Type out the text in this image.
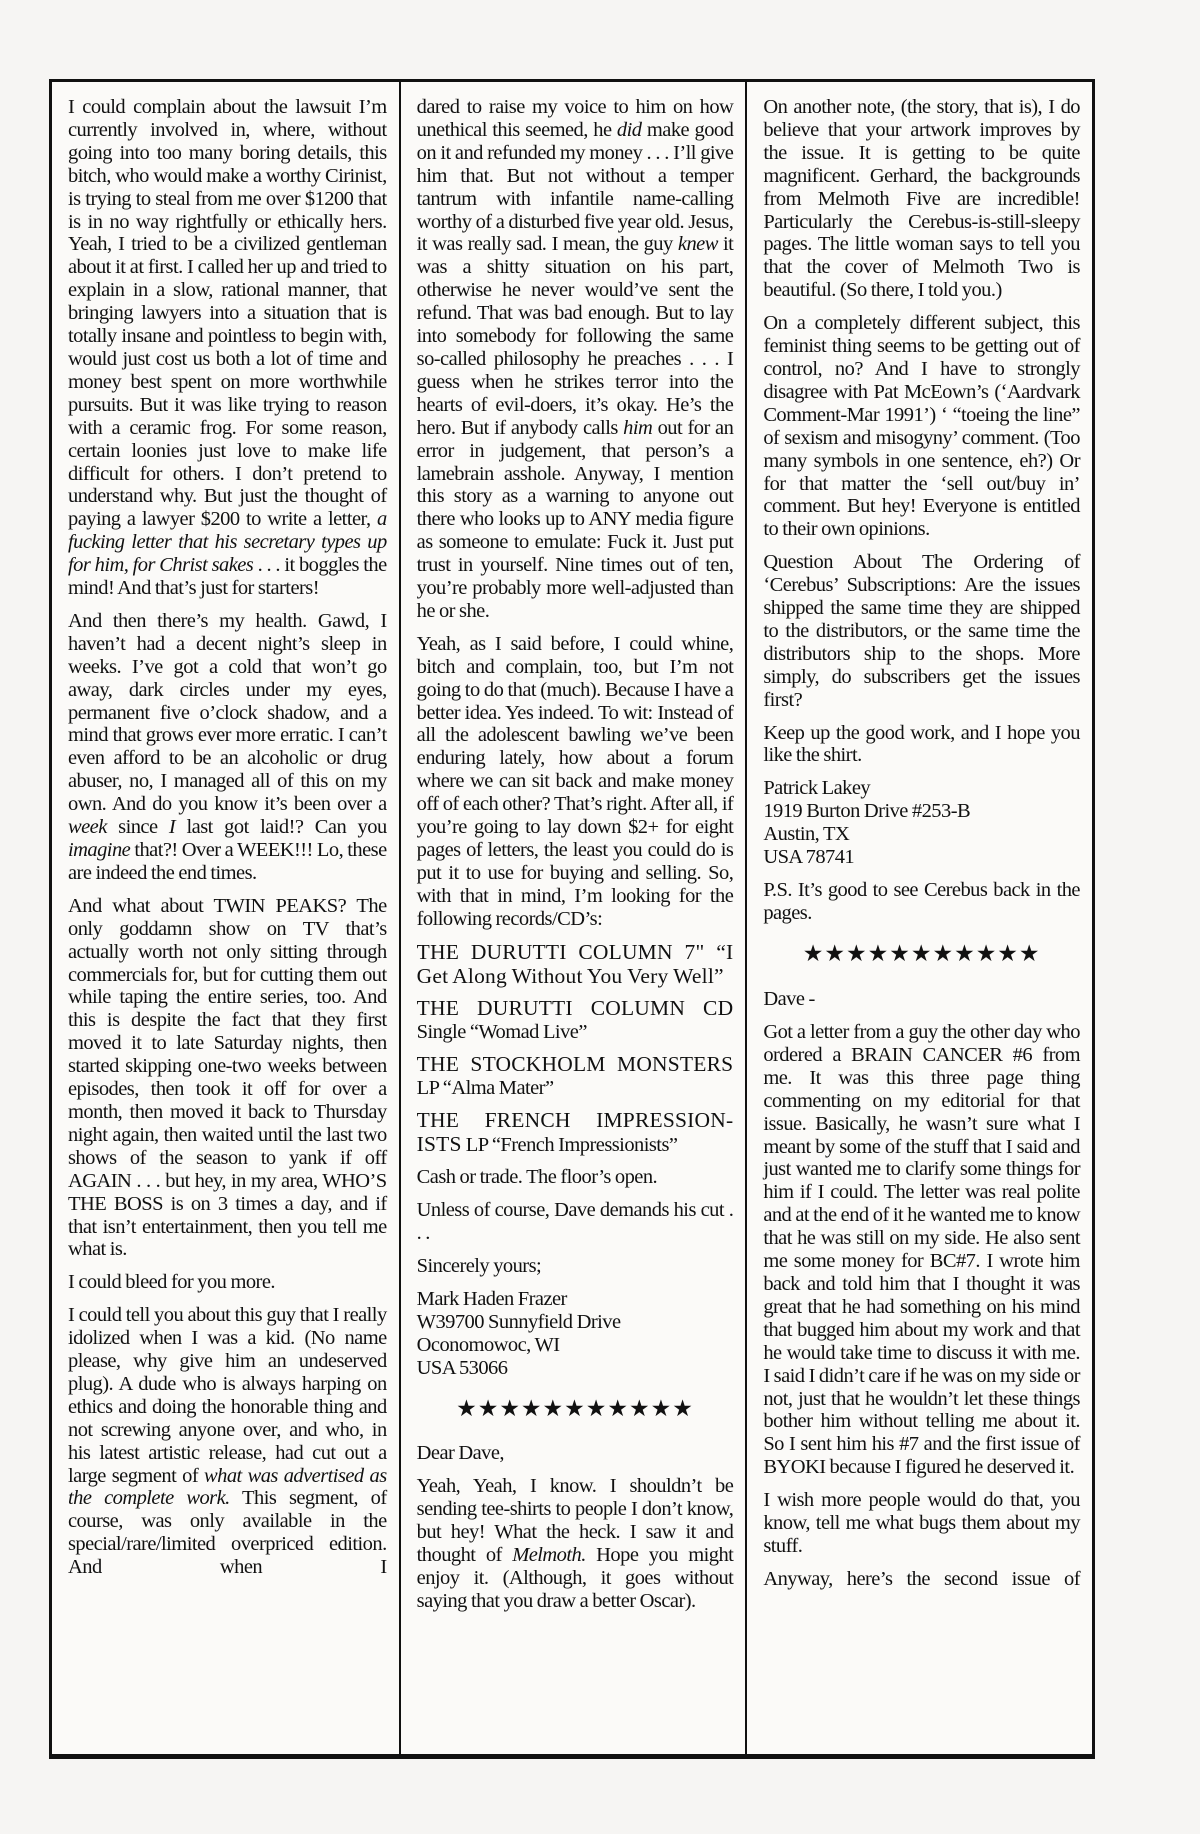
I could complain about the lawsuit I’m currently involved in, where, without going into too many boring details, this bitch, who would make a worthy Cirinist, is trying to steal from me over $1200 that is in no way rightfully or ethically hers. Yeah, I tried to be a civilized gentleman about it at first. I called her up and tried to explain in a slow, rational manner, that bringing lawyers into a situation that is totally insane and pointless to begin with, would just cost us both a lot of time and money best spent on more worthwhile pursuits. But it was like trying to reason with a ceramic frog. For some reason, certain loonies just love to make life difficult for others. I don’t pretend to understand why. But just the thought of paying a lawyer $200 to write a letter, a fucking letter that his secretary types up for him, for Christ sakes . . . it boggles the mind! And that’s just for starters!

And then there’s my health. Gawd, I haven’t had a decent night’s sleep in weeks. I’ve got a cold that won’t go away, dark circles under my eyes, permanent five o’clock shadow, and a mind that grows ever more erratic. I can’t even afford to be an alcoholic or drug abuser, no, I managed all of this on my own. And do you know it’s been over a week since I last got laid!? Can you imagine that?! Over a WEEK!!! Lo, these are indeed the end times.

And what about TWIN PEAKS? The only goddamn show on TV that’s actually worth not only sitting through commercials for, but for cutting them out while taping the entire series, too. And this is despite the fact that they first moved it to late Saturday nights, then started skipping one-two weeks between episodes, then took it off for over a month, then moved it back to Thursday night again, then waited until the last two shows of the season to yank if off AGAIN . . . but hey, in my area, WHO’S THE BOSS is on 3 times a day, and if that isn’t entertainment, then you tell me what is.

I could bleed for you more.

I could tell you about this guy that I really idolized when I was a kid. (No name please, why give him an undeserved plug). A dude who is always harping on ethics and doing the honorable thing and not screwing anyone over, and who, in his latest artistic release, had cut out a large segment of what was advertised as the complete work. This segment, of course, was only available in the special/rare/limited overpriced edition. And when I

dared to raise my voice to him on how unethical this seemed, he did make good on it and refunded my money . . . I’ll give him that. But not without a temper tantrum with infantile name-calling worthy of a disturbed five year old. Jesus, it was really sad. I mean, the guy knew it was a shitty situation on his part, otherwise he never would’ve sent the refund. That was bad enough. But to lay into somebody for following the same so-called philosophy he preaches . . . I guess when he strikes terror into the hearts of evil-doers, it’s okay. He’s the hero. But if anybody calls him out for an error in judgement, that person’s a lamebrain asshole. Anyway, I mention this story as a warning to anyone out there who looks up to ANY media figure as someone to emulate: Fuck it. Just put trust in yourself. Nine times out of ten, you’re probably more well-adjusted than he or she.

Yeah, as I said before, I could whine, bitch and complain, too, but I’m not going to do that (much). Because I have a better idea. Yes indeed. To wit: Instead of all the adolescent bawling we’ve been enduring lately, how about a forum where we can sit back and make money off of each other? That’s right. After all, if you’re going to lay down $2+ for eight pages of letters, the least you could do is put it to use for buying and selling. So, with that in mind, I’m looking for the following records/CD’s:

THE DURUTTI COLUMN 7" “I Get Along Without You Very Well”

THE DURUTTI COLUMN CD Single “Womad Live”

THE STOCKHOLM MONSTERS LP “Alma Mater”

THE FRENCH IMPRESSION-ISTS LP “French Impressionists”

Cash or trade. The floor’s open.

Unless of course, Dave demands his cut . . .

Sincerely yours;

Mark Haden Frazer
W39700 Sunnyfield Drive
Oconomowoc, WI
USA 53066
★★★★★★★★★★★

Dear Dave,

Yeah, Yeah, I know. I shouldn’t be sending tee-shirts to people I don’t know, but hey! What the heck. I saw it and thought of Melmoth. Hope you might enjoy it. (Although, it goes without saying that you draw a better Oscar).

On another note, (the story, that is), I do believe that your artwork improves by the issue. It is getting to be quite magnificent. Gerhard, the backgrounds from Melmoth Five are incredible! Particularly the Cerebus-is-still-sleepy pages. The little woman says to tell you that the cover of Melmoth Two is beautiful. (So there, I told you.)

On a completely different subject, this feminist thing seems to be getting out of control, no? And I have to strongly disagree with Pat McEown’s (‘Aardvark Comment-Mar 1991’) ‘ “toeing the line” of sexism and misogyny’ comment. (Too many symbols in one sentence, eh?) Or for that matter the ‘sell out/buy in’ comment. But hey! Everyone is entitled to their own opinions.

Question About The Ordering of ‘Cerebus’ Subscriptions: Are the issues shipped the same time they are shipped to the distributors, or the same time the distributors ship to the shops. More simply, do subscribers get the issues first?

Keep up the good work, and I hope you like the shirt.

Patrick Lakey
1919 Burton Drive #253-B
Austin, TX
USA 78741

P.S. It’s good to see Cerebus back in the pages.

★★★★★★★★★★★

Dave -

Got a letter from a guy the other day who ordered a BRAIN CANCER #6 from me. It was this three page thing commenting on my editorial for that issue. Basically, he wasn’t sure what I meant by some of the stuff that I said and just wanted me to clarify some things for him if I could. The letter was real polite and at the end of it he wanted me to know that he was still on my side. He also sent me some money for BC#7. I wrote him back and told him that I thought it was great that he had something on his mind that bugged him about my work and that he would take time to discuss it with me. I said I didn’t care if he was on my side or not, just that he wouldn’t let these things bother him without telling me about it. So I sent him his #7 and the first issue of BYOKI because I figured he deserved it.

I wish more people would do that, you know, tell me what bugs them about my stuff.

Anyway, here’s the second issue of
